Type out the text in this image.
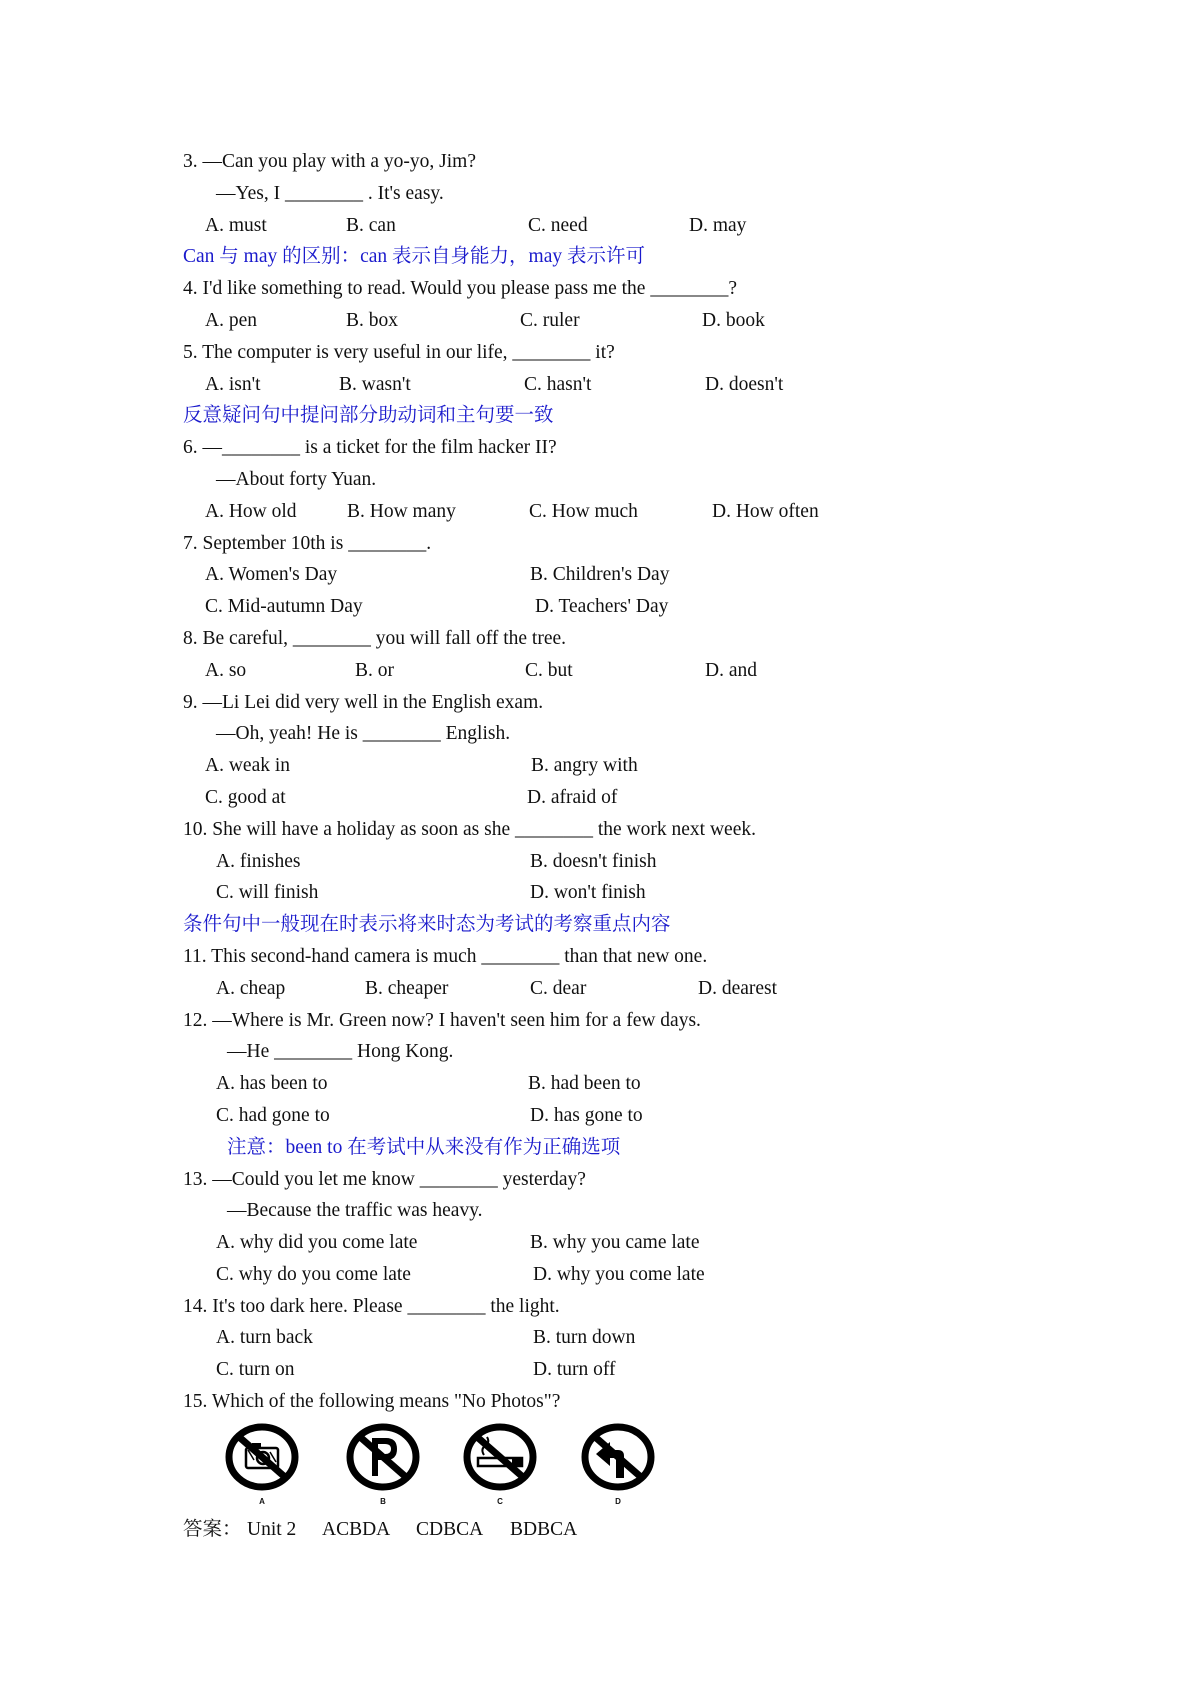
3. —Can you play with a yo-yo, Jim?
—Yes, I ________ . It's easy.
A. must	B. can	C. need	D. may
Can 与 may 的区别：can 表示自身能力，may 表示许可
4. I'd like something to read. Would you please pass me the ________?
A. pen	B. box	C. ruler	D. book
5. The computer is very useful in our life, ________ it?
A. isn't	B. wasn't	C. hasn't	D. doesn't
反意疑问句中提问部分助动词和主句要一致
6. —________ is a ticket for the film hacker II?
—About forty Yuan.
A. How old	B. How many	C. How much	D. How often
7. September 10th is ________.
A. Women's Day	B. Children's Day
C. Mid-autumn Day	D. Teachers' Day
8. Be careful, ________ you will fall off the tree.
A. so	B. or	C. but	D. and
9. —Li Lei did very well in the English exam.
—Oh, yeah! He is ________ English.
A. weak in	B. angry with
C. good at	D. afraid of
10. She will have a holiday as soon as she ________ the work next week.
A. finishes	B. doesn't finish
C. will finish	D. won't finish
条件句中一般现在时表示将来时态为考试的考察重点内容
11. This second-hand camera is much ________ than that new one.
A. cheap	B. cheaper	C. dear	D. dearest
12. —Where is Mr. Green now? I haven't seen him for a few days.
—He ________ Hong Kong.
A. has been to	B. had been to
C. had gone to	D. has gone to
注意：been to 在考试中从来没有作为正确选项
13. —Could you let me know ________ yesterday?
—Because the traffic was heavy.
A. why did you come late	B. why you came late
C. why do you come late	D. why you come late
14. It's too dark here. Please ________ the light.
A. turn back	B. turn down
C. turn on	D. turn off
15. Which of the following means "No Photos"?
A	B	C	D
答案： Unit 2 ACBDA CDBCA BDBCA
